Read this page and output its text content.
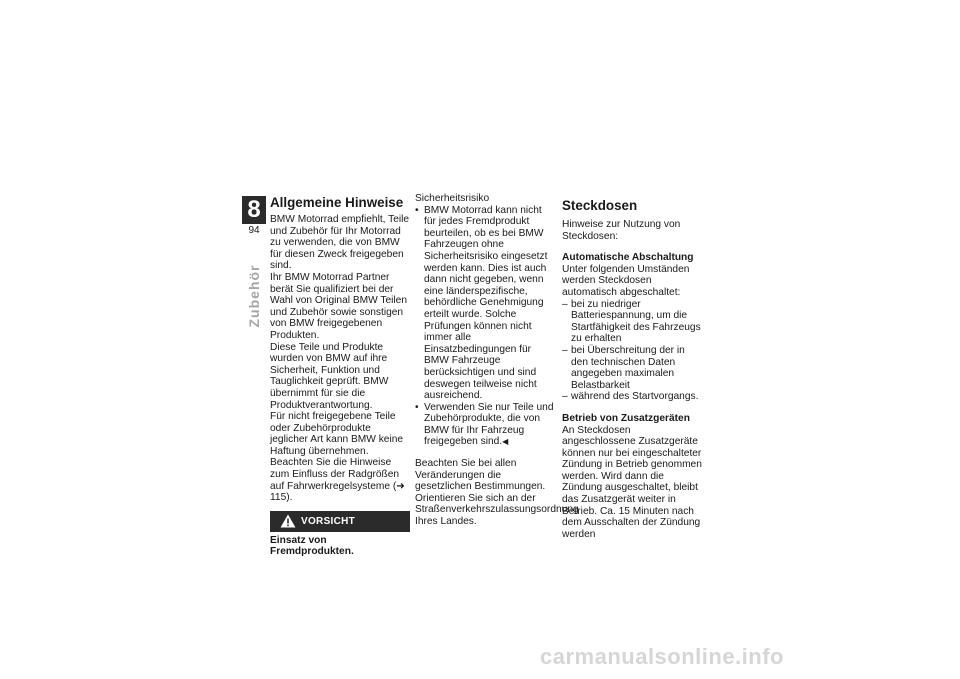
8
94
Zubehör
Allgemeine Hinweise

BMW Motorrad empfiehlt, Teile und Zubehör für Ihr Motorrad zu verwenden, die von BMW für diesen Zweck freigegeben sind.

Ihr BMW Motorrad Partner berät Sie qualifiziert bei der Wahl von Original BMW Teilen und Zubehör sowie sonstigen von BMW freigegebenen Produkten.

Diese Teile und Produkte wurden von BMW auf ihre Sicherheit, Funktion und Tauglichkeit geprüft. BMW übernimmt für sie die Produktverantwortung.

Für nicht freigegebene Teile oder Zubehörprodukte jeglicher Art kann BMW keine Haftung übernehmen.

Beachten Sie die Hinweise zum Einfluss der Radgrößen auf Fahrwerkregelsysteme (➜ 115).

VORSICHT

Einsatz von Fremdprodukten.

Sicherheitsrisiko

• BMW Motorrad kann nicht für jedes Fremdprodukt beurteilen, ob es bei BMW Fahrzeugen ohne Sicherheitsrisiko eingesetzt werden kann. Dies ist auch dann nicht gegeben, wenn eine länderspezifische, behördliche Genehmigung erteilt wurde. Solche Prüfungen können nicht immer alle Einsatzbedingungen für BMW Fahrzeuge berücksichtigen und sind deswegen teilweise nicht ausreichend.
• Verwenden Sie nur Teile und Zubehörprodukte, die von BMW für Ihr Fahrzeug freigegeben sind.◀

Beachten Sie bei allen Veränderungen die gesetzlichen Bestimmungen. Orientieren Sie sich an der Straßenverkehrszulassungsordnung Ihres Landes.

Steckdosen

Hinweise zur Nutzung von Steckdosen:

Automatische Abschaltung

Unter folgenden Umständen werden Steckdosen automatisch abgeschaltet:

– bei zu niedriger Batteriespannung, um die Startfähigkeit des Fahrzeugs zu erhalten
– bei Überschreitung der in den technischen Daten angegeben maximalen Belastbarkeit
– während des Startvorgangs.
Betrieb von Zusatzgeräten

An Steckdosen angeschlossene Zusatzgeräte können nur bei eingeschalteter Zündung in Betrieb genommen werden. Wird dann die Zündung ausgeschaltet, bleibt das Zusatzgerät weiter in Betrieb. Ca. 15 Minuten nach dem Ausschalten der Zündung werden

carmanualsonline.info
